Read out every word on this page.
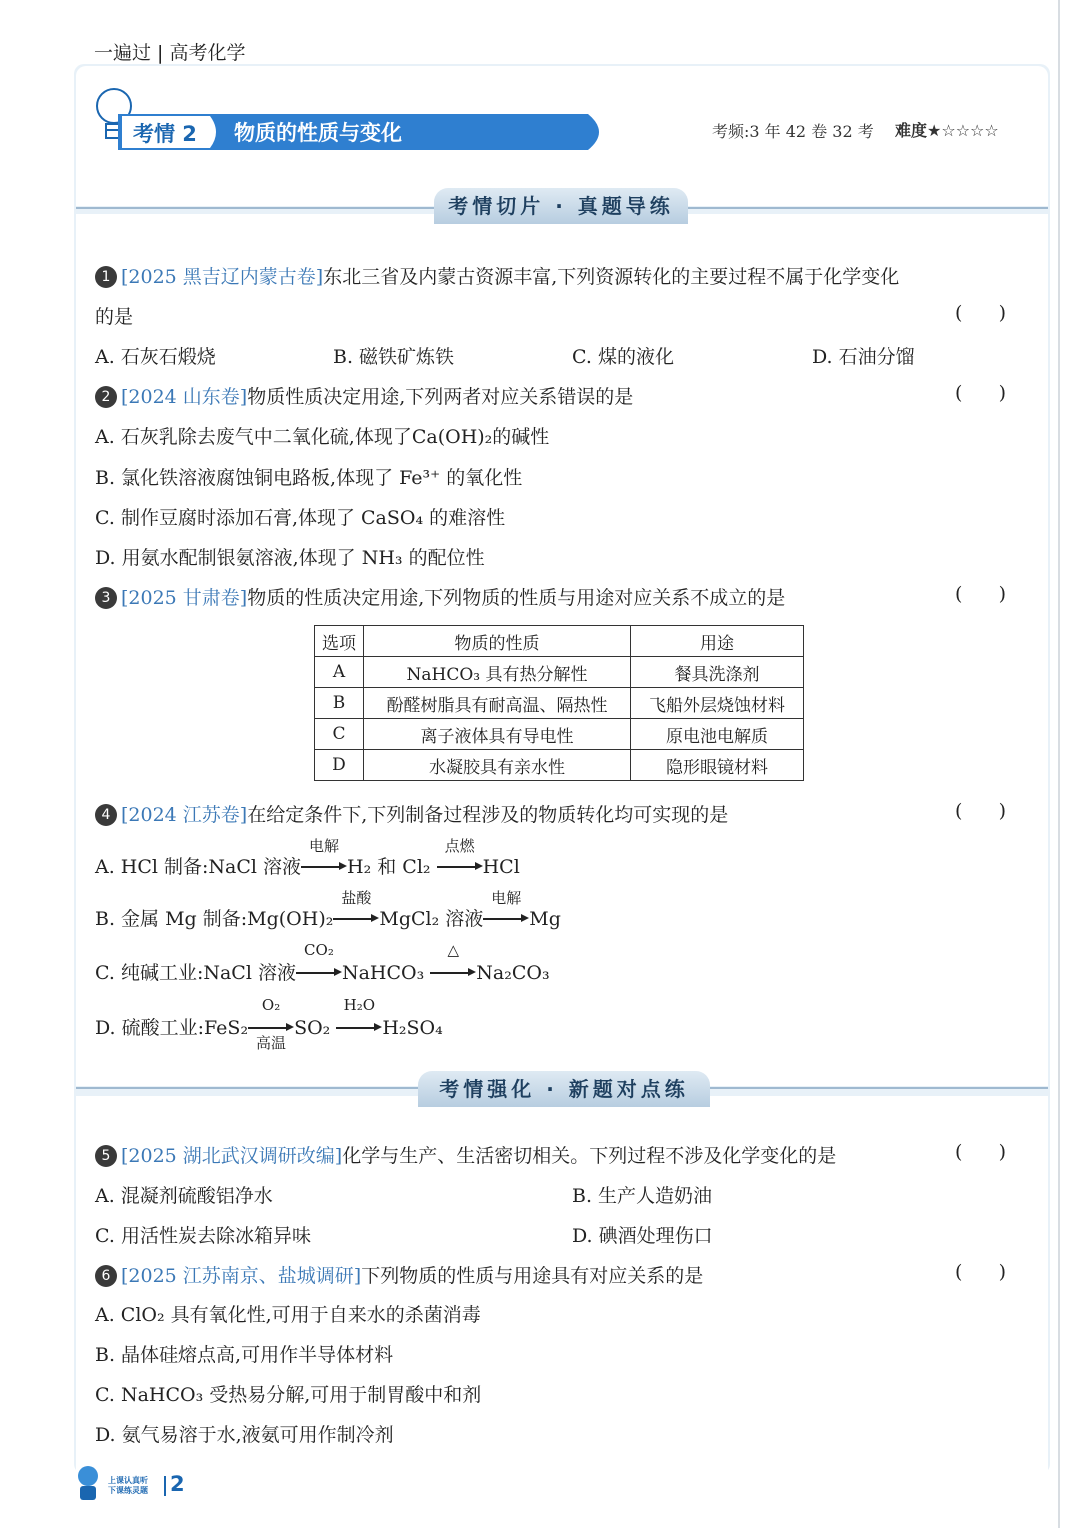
一遍过 | 高考化学
考情 2 物质的性质与变化	考频:3 年 42 卷 32 考 难度★☆☆☆☆
考情切片 · 真题导练
考情强化 · 新题对点练
1 [2025 黑吉辽内蒙古卷]东北三省及内蒙古资源丰富,下列资源转化的主要过程不属于化学变化
的是	(      )
A. 石灰石煅烧	B. 磁铁矿炼铁	C. 煤的液化	D. 石油分馏
2 [2024 山东卷]物质性质决定用途,下列两者对应关系错误的是	(      )
A. 石灰乳除去废气中二氧化硫,体现了Ca(OH)₂的碱性
B. 氯化铁溶液腐蚀铜电路板,体现了 Fe³⁺ 的氧化性
C. 制作豆腐时添加石膏,体现了 CaSO₄ 的难溶性
D. 用氨水配制银氨溶液,体现了 NH₃ 的配位性
3 [2025 甘肃卷]物质的性质决定用途,下列物质的性质与用途对应关系不成立的是	(      )
选项	物质的性质	用途
A	NaHCO₃ 具有热分解性	餐具洗涤剂
B	酚醛树脂具有耐高温、隔热性	飞船外层烧蚀材料
C	离子液体具有导电性	原电池电解质
D	水凝胶具有亲水性	隐形眼镜材料
4 [2024 江苏卷]在给定条件下,下列制备过程涉及的物质转化均可实现的是	(      )
A. HCl 制备:NaCl 溶液
电解
H₂ 和 Cl₂
点燃
HCl
B. 金属 Mg 制备:Mg(OH)₂
盐酸
MgCl₂ 溶液
电解
Mg
C. 纯碱工业:NaCl 溶液
CO₂
NaHCO₃
△
Na₂CO₃
D. 硫酸工业:FeS₂
O₂
高温
SO₂
H₂O
H₂SO₄
5 [2025 湖北武汉调研改编]化学与生产、生活密切相关。下列过程不涉及化学变化的是	(      )
A. 混凝剂硫酸铝净水	B. 生产人造奶油
C. 用活性炭去除冰箱异味	D. 碘酒处理伤口
6 [2025 江苏南京、盐城调研]下列物质的性质与用途具有对应关系的是	(      )
A. ClO₂ 具有氧化性,可用于自来水的杀菌消毒
B. 晶体硅熔点高,可用作半导体材料
C. NaHCO₃ 受热易分解,可用于制胃酸中和剂
D. 氨气易溶于水,液氨可用作制冷剂
上课认真听
下课练灵题 2
